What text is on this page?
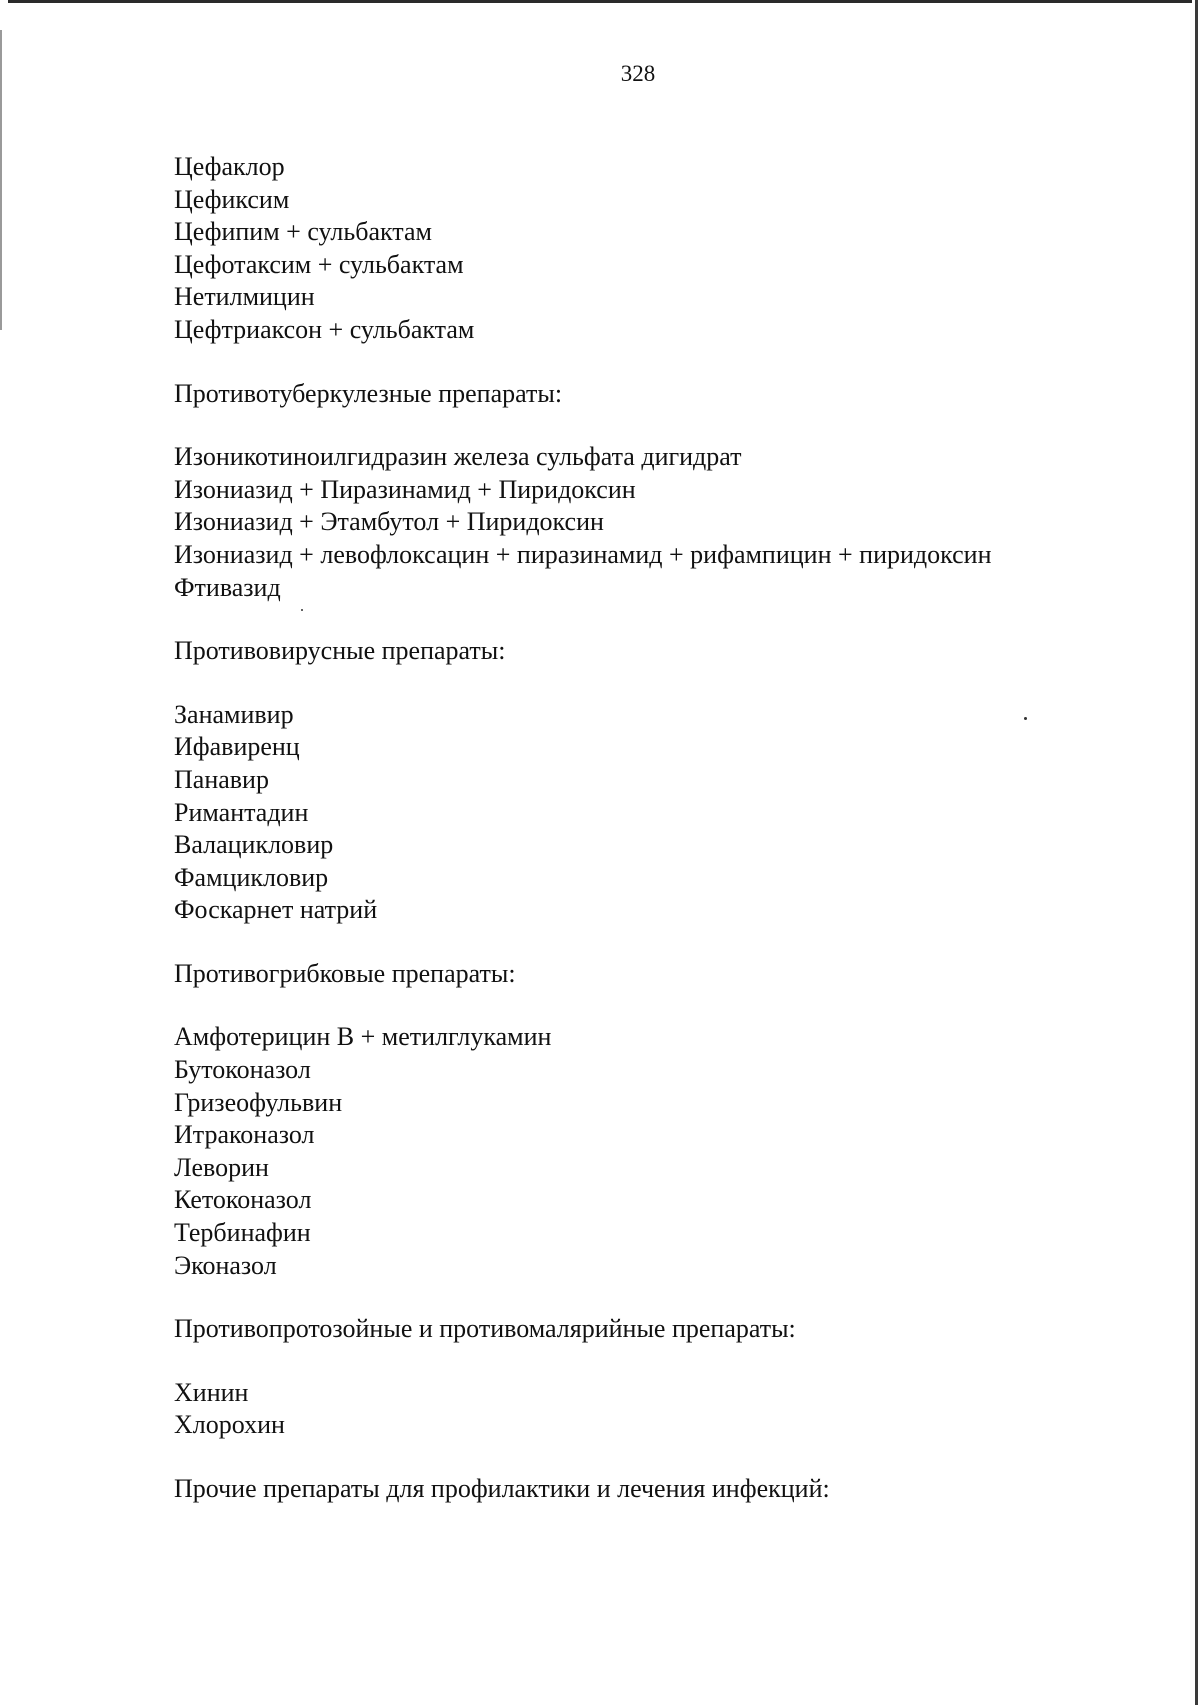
328
Цефаклор
Цефиксим
Цефипим + сульбактам
Цефотаксим + сульбактам
Нетилмицин
Цефтриаксон + сульбактам
Противотуберкулезные препараты:
Изоникотиноилгидразин железа сульфата дигидрат
Изониазид + Пиразинамид + Пиридоксин
Изониазид + Этамбутол + Пиридоксин
Изониазид + левофлоксацин + пиразинамид + рифампицин + пиридоксин
Фтивазид
Противовирусные препараты:
Занамивир
Ифавиренц
Панавир
Римантадин
Валацикловир
Фамцикловир
Фоскарнет натрий
Противогрибковые препараты:
Амфотерицин В + метилглукамин
Бутоконазол
Гризеофульвин
Итраконазол
Леворин
Кетоконазол
Тербинафин
Эконазол
Противопротозойные и противомалярийные препараты:
Хинин
Хлорохин
Прочие препараты для профилактики и лечения инфекций:
